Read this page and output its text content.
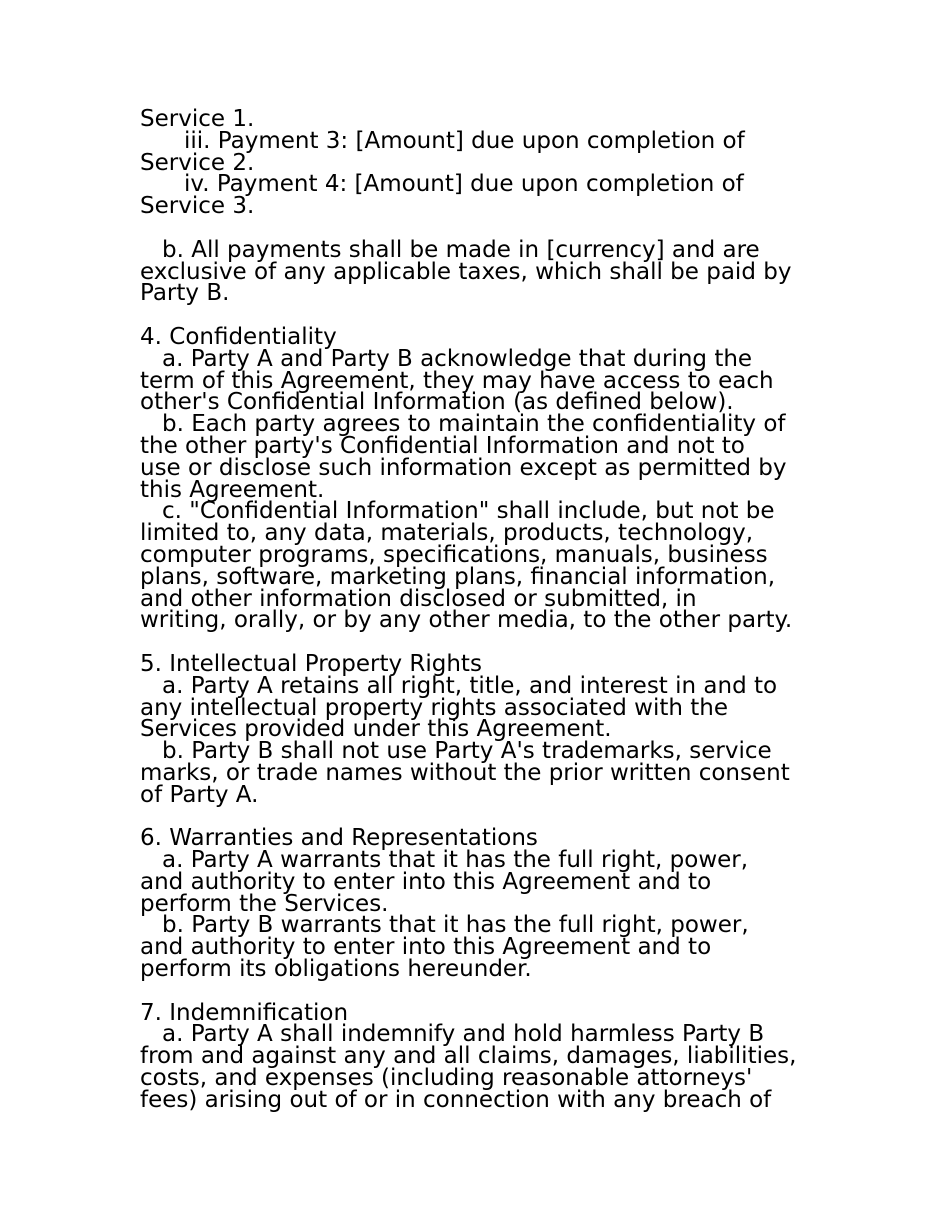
Service 1.
iii. Payment 3: [Amount] due upon completion of
Service 2.
iv. Payment 4: [Amount] due upon completion of
Service 3.
b. All payments shall be made in [currency] and are
exclusive of any applicable taxes, which shall be paid by
Party B.
4. Confidentiality
a. Party A and Party B acknowledge that during the
term of this Agreement, they may have access to each
other's Confidential Information (as defined below).
b. Each party agrees to maintain the confidentiality of
the other party's Confidential Information and not to
use or disclose such information except as permitted by
this Agreement.
c. "Confidential Information" shall include, but not be
limited to, any data, materials, products, technology,
computer programs, specifications, manuals, business
plans, software, marketing plans, financial information,
and other information disclosed or submitted, in
writing, orally, or by any other media, to the other party.
5. Intellectual Property Rights
a. Party A retains all right, title, and interest in and to
any intellectual property rights associated with the
Services provided under this Agreement.
b. Party B shall not use Party A's trademarks, service
marks, or trade names without the prior written consent
of Party A.
6. Warranties and Representations
a. Party A warrants that it has the full right, power,
and authority to enter into this Agreement and to
perform the Services.
b. Party B warrants that it has the full right, power,
and authority to enter into this Agreement and to
perform its obligations hereunder.
7. Indemnification
a. Party A shall indemnify and hold harmless Party B
from and against any and all claims, damages, liabilities,
costs, and expenses (including reasonable attorneys'
fees) arising out of or in connection with any breach of
